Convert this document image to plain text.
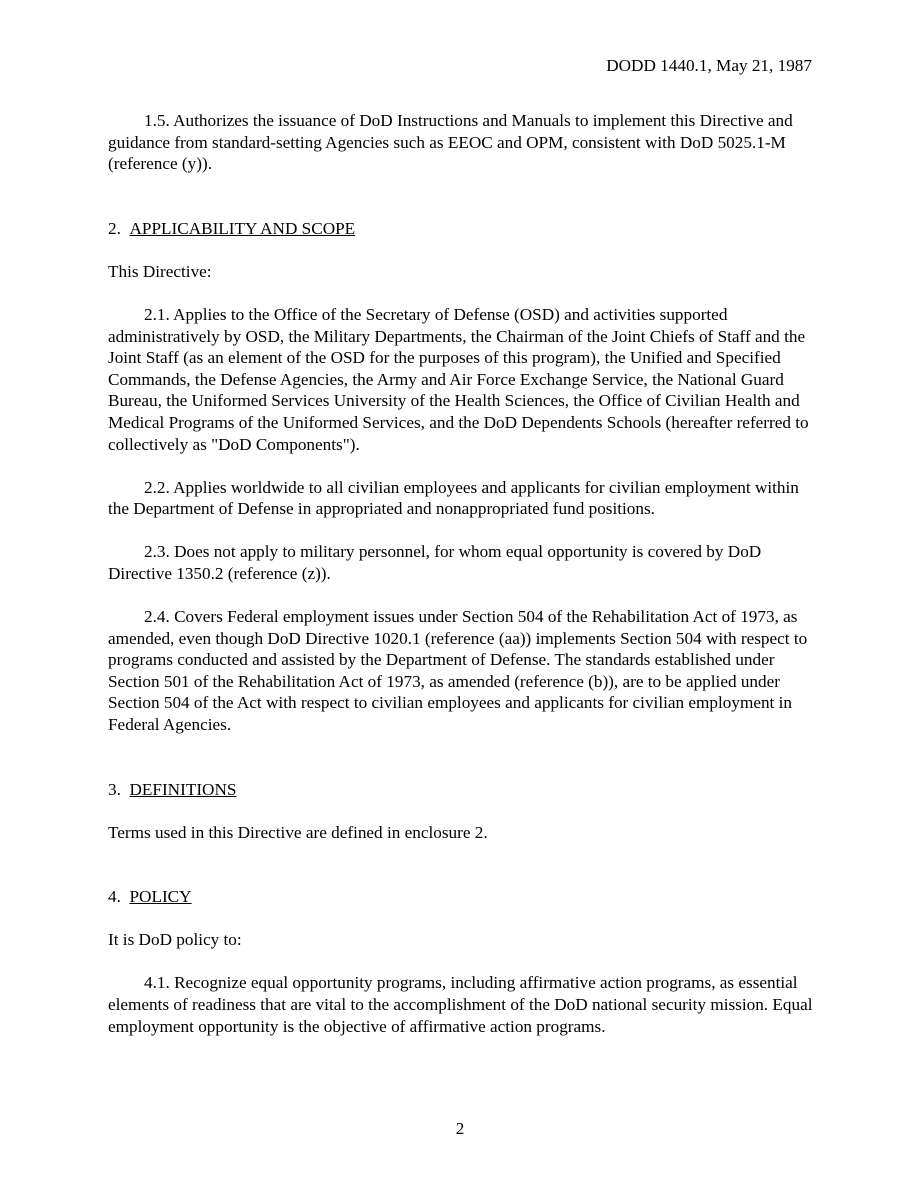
DODD 1440.1, May 21, 1987

1.5. Authorizes the issuance of DoD Instructions and Manuals to implement this Directive and guidance from standard-setting Agencies such as EEOC and OPM, consistent with DoD 5025.1-M (reference (y)).

2. APPLICABILITY AND SCOPE

This Directive:

2.1. Applies to the Office of the Secretary of Defense (OSD) and activities supported administratively by OSD, the Military Departments, the Chairman of the Joint Chiefs of Staff and the Joint Staff (as an element of the OSD for the purposes of this program), the Unified and Specified Commands, the Defense Agencies, the Army and Air Force Exchange Service, the National Guard Bureau, the Uniformed Services University of the Health Sciences, the Office of Civilian Health and Medical Programs of the Uniformed Services, and the DoD Dependents Schools (hereafter referred to collectively as "DoD Components").

2.2. Applies worldwide to all civilian employees and applicants for civilian employment within the Department of Defense in appropriated and nonappropriated fund positions.

2.3. Does not apply to military personnel, for whom equal opportunity is covered by DoD Directive 1350.2 (reference (z)).

2.4. Covers Federal employment issues under Section 504 of the Rehabilitation Act of 1973, as amended, even though DoD Directive 1020.1 (reference (aa)) implements Section 504 with respect to programs conducted and assisted by the Department of Defense. The standards established under Section 501 of the Rehabilitation Act of 1973, as amended (reference (b)), are to be applied under Section 504 of the Act with respect to civilian employees and applicants for civilian employment in Federal Agencies.

3. DEFINITIONS

Terms used in this Directive are defined in enclosure 2.

4. POLICY

It is DoD policy to:

4.1. Recognize equal opportunity programs, including affirmative action programs, as essential elements of readiness that are vital to the accomplishment of the DoD national security mission. Equal employment opportunity is the objective of affirmative action programs.

2
